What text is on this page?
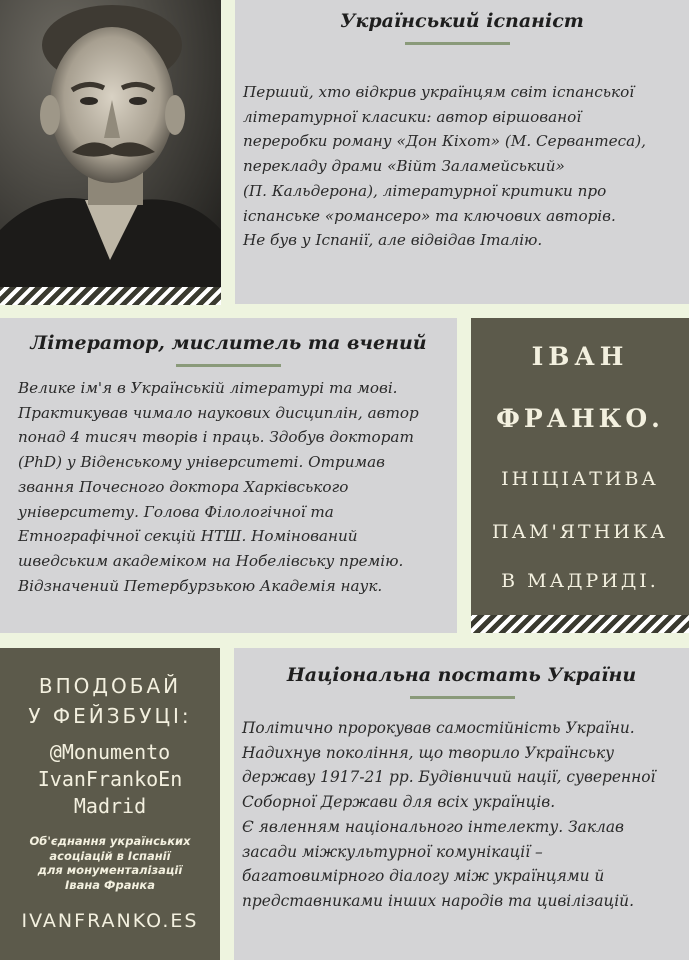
Український іспаніст
Перший, хто відкрив українцям світ іспанської
літературної класики: автор віршованої
переробки роману «Дон Кіхот» (М. Сервантеса),
перекладу драми «Війт Заламейський»
(П. Кальдерона), літературної критики про
іспанське «романсеро» та ключових авторів.
Не був у Іспанії, але відвідав Італію.
Літератор, мислитель та вчений
Велике ім'я в Українській літературі та мові.
Практикував чимало наукових дисциплін, автор
понад 4 тисяч творів і праць. Здобув докторат
(PhD) у Віденському університеті. Отримав
звання Почесного доктора Харківського
університету. Голова Філологічної та
Етнографічної секцій НТШ. Номінований
шведським академіком на Нобелівську премію.
Відзначений Петербурзькою Академія наук.
ІВАН
ФРАНКО.
ІНІЦІАТИВА
ПАМ'ЯТНИКА
В МАДРИДІ.
ВПОДОБАЙ
У ФЕЙЗБУЦІ:
@Monumento
IvanFrankoEn
Madrid
Об'єднання українських
асоціацій в Іспанії
для монументалізації
Івана Франка
IVANFRANKO.ES
Національна постать України
Політично пророкував самостійність України.
Надихнув покоління, що творило Українську
державу 1917-21 рр. Будівничий нації, суверенної
Соборної Держави для всіх українців.
Є явленням національного інтелекту. Заклав
засади міжкультурної комунікації –
багатовимірного діалогу між українцями й
представниками інших народів та цивілізацій.
